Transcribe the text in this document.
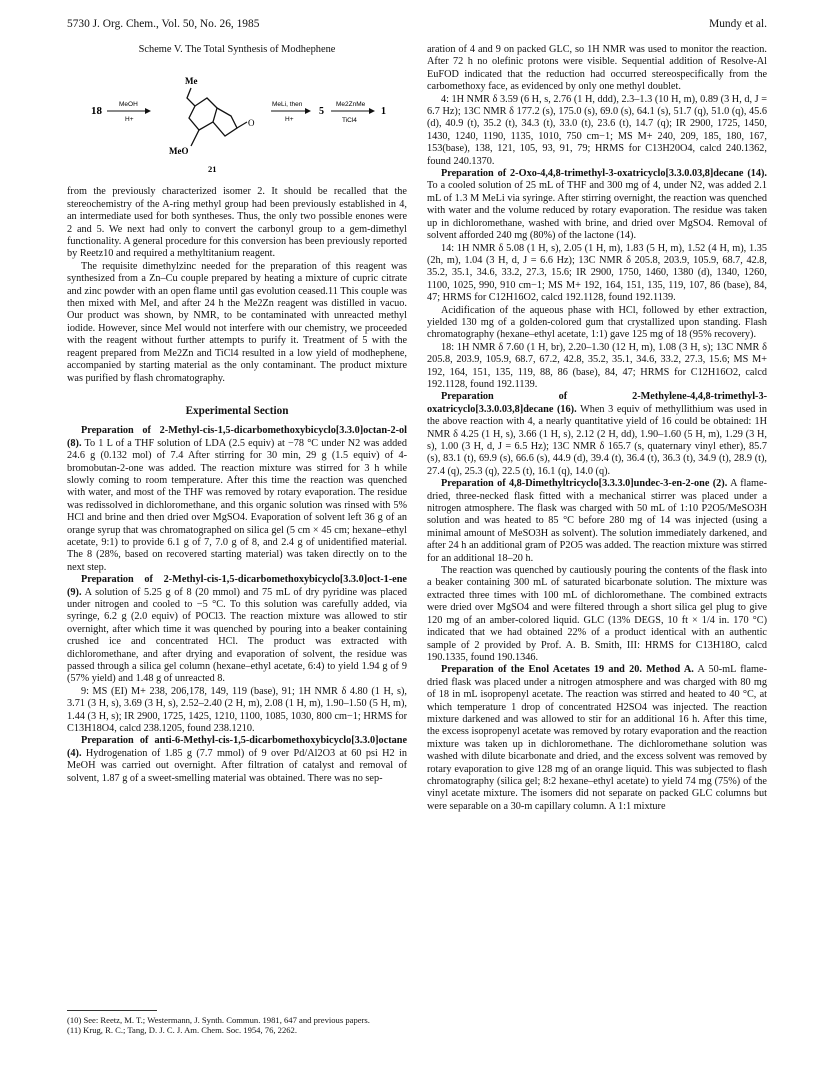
5730 J. Org. Chem., Vol. 50, No. 26, 1985	Mundy et al.
Scheme V. The Total Synthesis of Modhephene
18
MeOH
H+
Me
O
MeO
21
MeLi, then
H+
5
Me2ZnMe
TiCl4
1

from the previously characterized isomer 2. It should be recalled that the stereochemistry of the A-ring methyl group had been previously established in 4, an intermediate used for both syntheses. Thus, the only two possible enones were 2 and 5. We next had only to convert the carbonyl group to a gem-dimethyl functionality. A general procedure for this conversion has been previously reported by Reetz10 and required a methyltitanium reagent.

The requisite dimethylzinc needed for the preparation of this reagent was synthesized from a Zn–Cu couple prepared by heating a mixture of cupric citrate and zinc powder with an open flame until gas evolution ceased.11 This couple was then mixed with MeI, and after 24 h the Me2Zn reagent was distilled in vacuo. Our product was shown, by NMR, to be contaminated with unreacted methyl iodide. However, since MeI would not interfere with our chemistry, we proceeded with the reagent without further attempts to purify it. Treatment of 5 with the reagent prepared from Me2Zn and TiCl4 resulted in a low yield of modhephene, accompanied by starting material as the only contaminant. The product mixture was purified by flash chromatography.

Experimental Section

Preparation of 2-Methyl-cis-1,5-dicarbomethoxybicyclo[3.3.0]octan-2-ol (8). To 1 L of a THF solution of LDA (2.5 equiv) at −78 °C under N2 was added 24.6 g (0.132 mol) of 7.4 After stirring for 30 min, 29 g (1.5 equiv) of 4-bromobutan-2-one was added. The reaction mixture was stirred for 3 h while slowly coming to room temperature. After this time the reaction was quenched with water, and most of the THF was removed by rotary evaporation. The residue was redissolved in dichloromethane, and this organic solution was rinsed with 5% HCl and brine and then dried over MgSO4. Evaporation of solvent left 36 g of an orange syrup that was chromatographed on silica gel (5 cm × 45 cm; hexane–ethyl acetate, 9:1) to provide 6.1 g of 7, 7.0 g of 8, and 2.4 g of unidentified material. The 8 (28%, based on recovered starting material) was taken directly on to the next step.

Preparation of 2-Methyl-cis-1,5-dicarbomethoxybicyclo[3.3.0]oct-1-ene (9). A solution of 5.25 g of 8 (20 mmol) and 75 mL of dry pyridine was placed under nitrogen and cooled to −5 °C. To this solution was carefully added, via syringe, 6.2 g (2.0 equiv) of POCl3. The reaction mixture was allowed to stir overnight, after which time it was quenched by pouring into a beaker containing crushed ice and concentrated HCl. The product was extracted with dichloromethane, and after drying and evaporation of solvent, the residue was passed through a silica gel column (hexane–ethyl acetate, 6:4) to yield 1.94 g of 9 (57% yield) and 1.48 g of unreacted 8.

9: MS (EI) M+ 238, 206,178, 149, 119 (base), 91; 1H NMR δ 4.80 (1 H, s), 3.71 (3 H, s), 3.69 (3 H, s), 2.52–2.40 (2 H, m), 2.08 (1 H, m), 1.90–1.50 (5 H, m), 1.44 (3 H, s); IR 2900, 1725, 1425, 1210, 1100, 1085, 1030, 800 cm−1; HRMS for C13H18O4, calcd 238.1205, found 238.1210.

Preparation of anti-6-Methyl-cis-1,5-dicarbomethoxybicyclo[3.3.0]octane (4). Hydrogenation of 1.85 g (7.7 mmol) of 9 over Pd/Al2O3 at 60 psi H2 in MeOH was carried out overnight. After filtration of catalyst and removal of solvent, 1.87 g of a sweet-smelling material was obtained. There was no sep-

(10) See: Reetz, M. T.; Westermann, J. Synth. Commun. 1981, 647 and previous papers.
(11) Krug, R. C.; Tang, D. J. C. J. Am. Chem. Soc. 1954, 76, 2262.

aration of 4 and 9 on packed GLC, so 1H NMR was used to monitor the reaction. After 72 h no olefinic protons were visible. Sequential addition of Resolve-Al EuFOD indicated that the reduction had occurred stereospecifically from the carbomethoxy face, as evidenced by only one methyl doublet.

4: 1H NMR δ 3.59 (6 H, s, 2.76 (1 H, ddd), 2.3–1.3 (10 H, m), 0.89 (3 H, d, J = 6.7 Hz); 13C NMR δ 177.2 (s), 175.0 (s), 69.0 (s), 64.1 (s), 51.7 (q), 51.0 (q), 45.6 (d), 40.9 (t), 35.2 (t), 34.3 (t), 33.0 (t), 23.6 (t), 14.7 (q); IR 2900, 1725, 1450, 1430, 1240, 1190, 1135, 1010, 750 cm−1; MS M+ 240, 209, 185, 180, 167, 153(base), 138, 121, 105, 93, 91, 79; HRMS for C13H20O4, calcd 240.1362, found 240.1370.

Preparation of 2-Oxo-4,4,8-trimethyl-3-oxatricyclo[3.3.0.03,8]decane (14). To a cooled solution of 25 mL of THF and 300 mg of 4, under N2, was added 2.1 mL of 1.3 M MeLi via syringe. After stirring overnight, the reaction was quenched with water and the volume reduced by rotary evaporation. The residue was taken up in dichloromethane, washed with brine, and dried over MgSO4. Removal of solvent afforded 240 mg (80%) of the lactone (14).

14: 1H NMR δ 5.08 (1 H, s), 2.05 (1 H, m), 1.83 (5 H, m), 1.52 (4 H, m), 1.35 (2h, m), 1.04 (3 H, d, J = 6.6 Hz); 13C NMR δ 205.8, 203.9, 105.9, 68.7, 42.8, 35.2, 35.1, 34.6, 33.2, 27.3, 15.6; IR 2900, 1750, 1460, 1380 (d), 1340, 1260, 1100, 1025, 990, 910 cm−1; MS M+ 192, 164, 151, 135, 119, 107, 86 (base), 84, 47; HRMS for C12H16O2, calcd 192.1128, found 192.1139.

Acidification of the aqueous phase with HCl, followed by ether extraction, yielded 130 mg of a golden-colored gum that crystallized upon standing. Flash chromatography (hexane–ethyl acetate, 1:1) gave 125 mg of 18 (95% recovery).

18: 1H NMR δ 7.60 (1 H, br), 2.20–1.30 (12 H, m), 1.08 (3 H, s); 13C NMR δ 205.8, 203.9, 105.9, 68.7, 67.2, 42.8, 35.2, 35.1, 34.6, 33.2, 27.3, 15.6; MS M+ 192, 164, 151, 135, 119, 88, 86 (base), 84, 47; HRMS for C12H16O2, calcd 192.1128, found 192.1139.

Preparation of 2-Methylene-4,4,8-trimethyl-3-oxatricyclo[3.3.0.03,8]decane (16). When 3 equiv of methyllithium was used in the above reaction with 4, a nearly quantitative yield of 16 could be obtained: 1H NMR δ 4.25 (1 H, s), 3.66 (1 H, s), 2.12 (2 H, dd), 1.90–1.60 (5 H, m), 1.29 (3 H, s), 1.00 (3 H, d, J = 6.5 Hz); 13C NMR δ 165.7 (s, quaternary vinyl ether), 85.7 (s), 83.1 (t), 69.9 (s), 66.6 (s), 44.9 (d), 39.4 (t), 36.4 (t), 36.3 (t), 34.9 (t), 28.9 (t), 27.4 (q), 25.3 (q), 22.5 (t), 16.1 (q), 14.0 (q).

Preparation of 4,8-Dimethyltricyclo[3.3.3.0]undec-3-en-2-one (2). A flame-dried, three-necked flask fitted with a mechanical stirrer was placed under a nitrogen atmosphere. The flask was charged with 50 mL of 1:10 P2O5/MeSO3H solution and was heated to 85 °C before 280 mg of 14 was injected (using a minimal amount of MeSO3H as solvent). The solution immediately darkened, and after 24 h an additional gram of P2O5 was added. The reaction mixture was stirred for an additional 18–20 h.

The reaction was quenched by cautiously pouring the contents of the flask into a beaker containing 300 mL of saturated bicarbonate solution. The mixture was extracted three times with 100 mL of dichloromethane. The combined extracts were dried over MgSO4 and were filtered through a short silica gel plug to give 120 mg of an amber-colored liquid. GLC (13% DEGS, 10 ft × 1/4 in. 170 °C) indicated that we had obtained 22% of a product identical with an authentic sample of 2 provided by Prof. A. B. Smith, III: HRMS for C13H18O, calcd 190.1335, found 190.1346.

Preparation of the Enol Acetates 19 and 20. Method A. A 50-mL flame-dried flask was placed under a nitrogen atmosphere and was charged with 80 mg of 18 in mL isopropenyl acetate. The reaction was stirred and heated to 40 °C, at which temperature 1 drop of concentrated H2SO4 was injected. The reaction mixture darkened and was allowed to stir for an additional 16 h. After this time, the excess isopropenyl acetate was removed by rotary evaporation and the reaction mixture was taken up in dichloromethane. The dichloromethane solution was washed with dilute bicarbonate and dried, and the excess solvent was removed by rotary evaporation to give 128 mg of an orange liquid. This was subjected to flash chromatography (silica gel; 8:2 hexane–ethyl acetate) to yield 74 mg (75%) of the vinyl acetate mixture. The isomers did not separate on packed GLC columns but were separable on a 30-m capillary column. A 1:1 mixture
